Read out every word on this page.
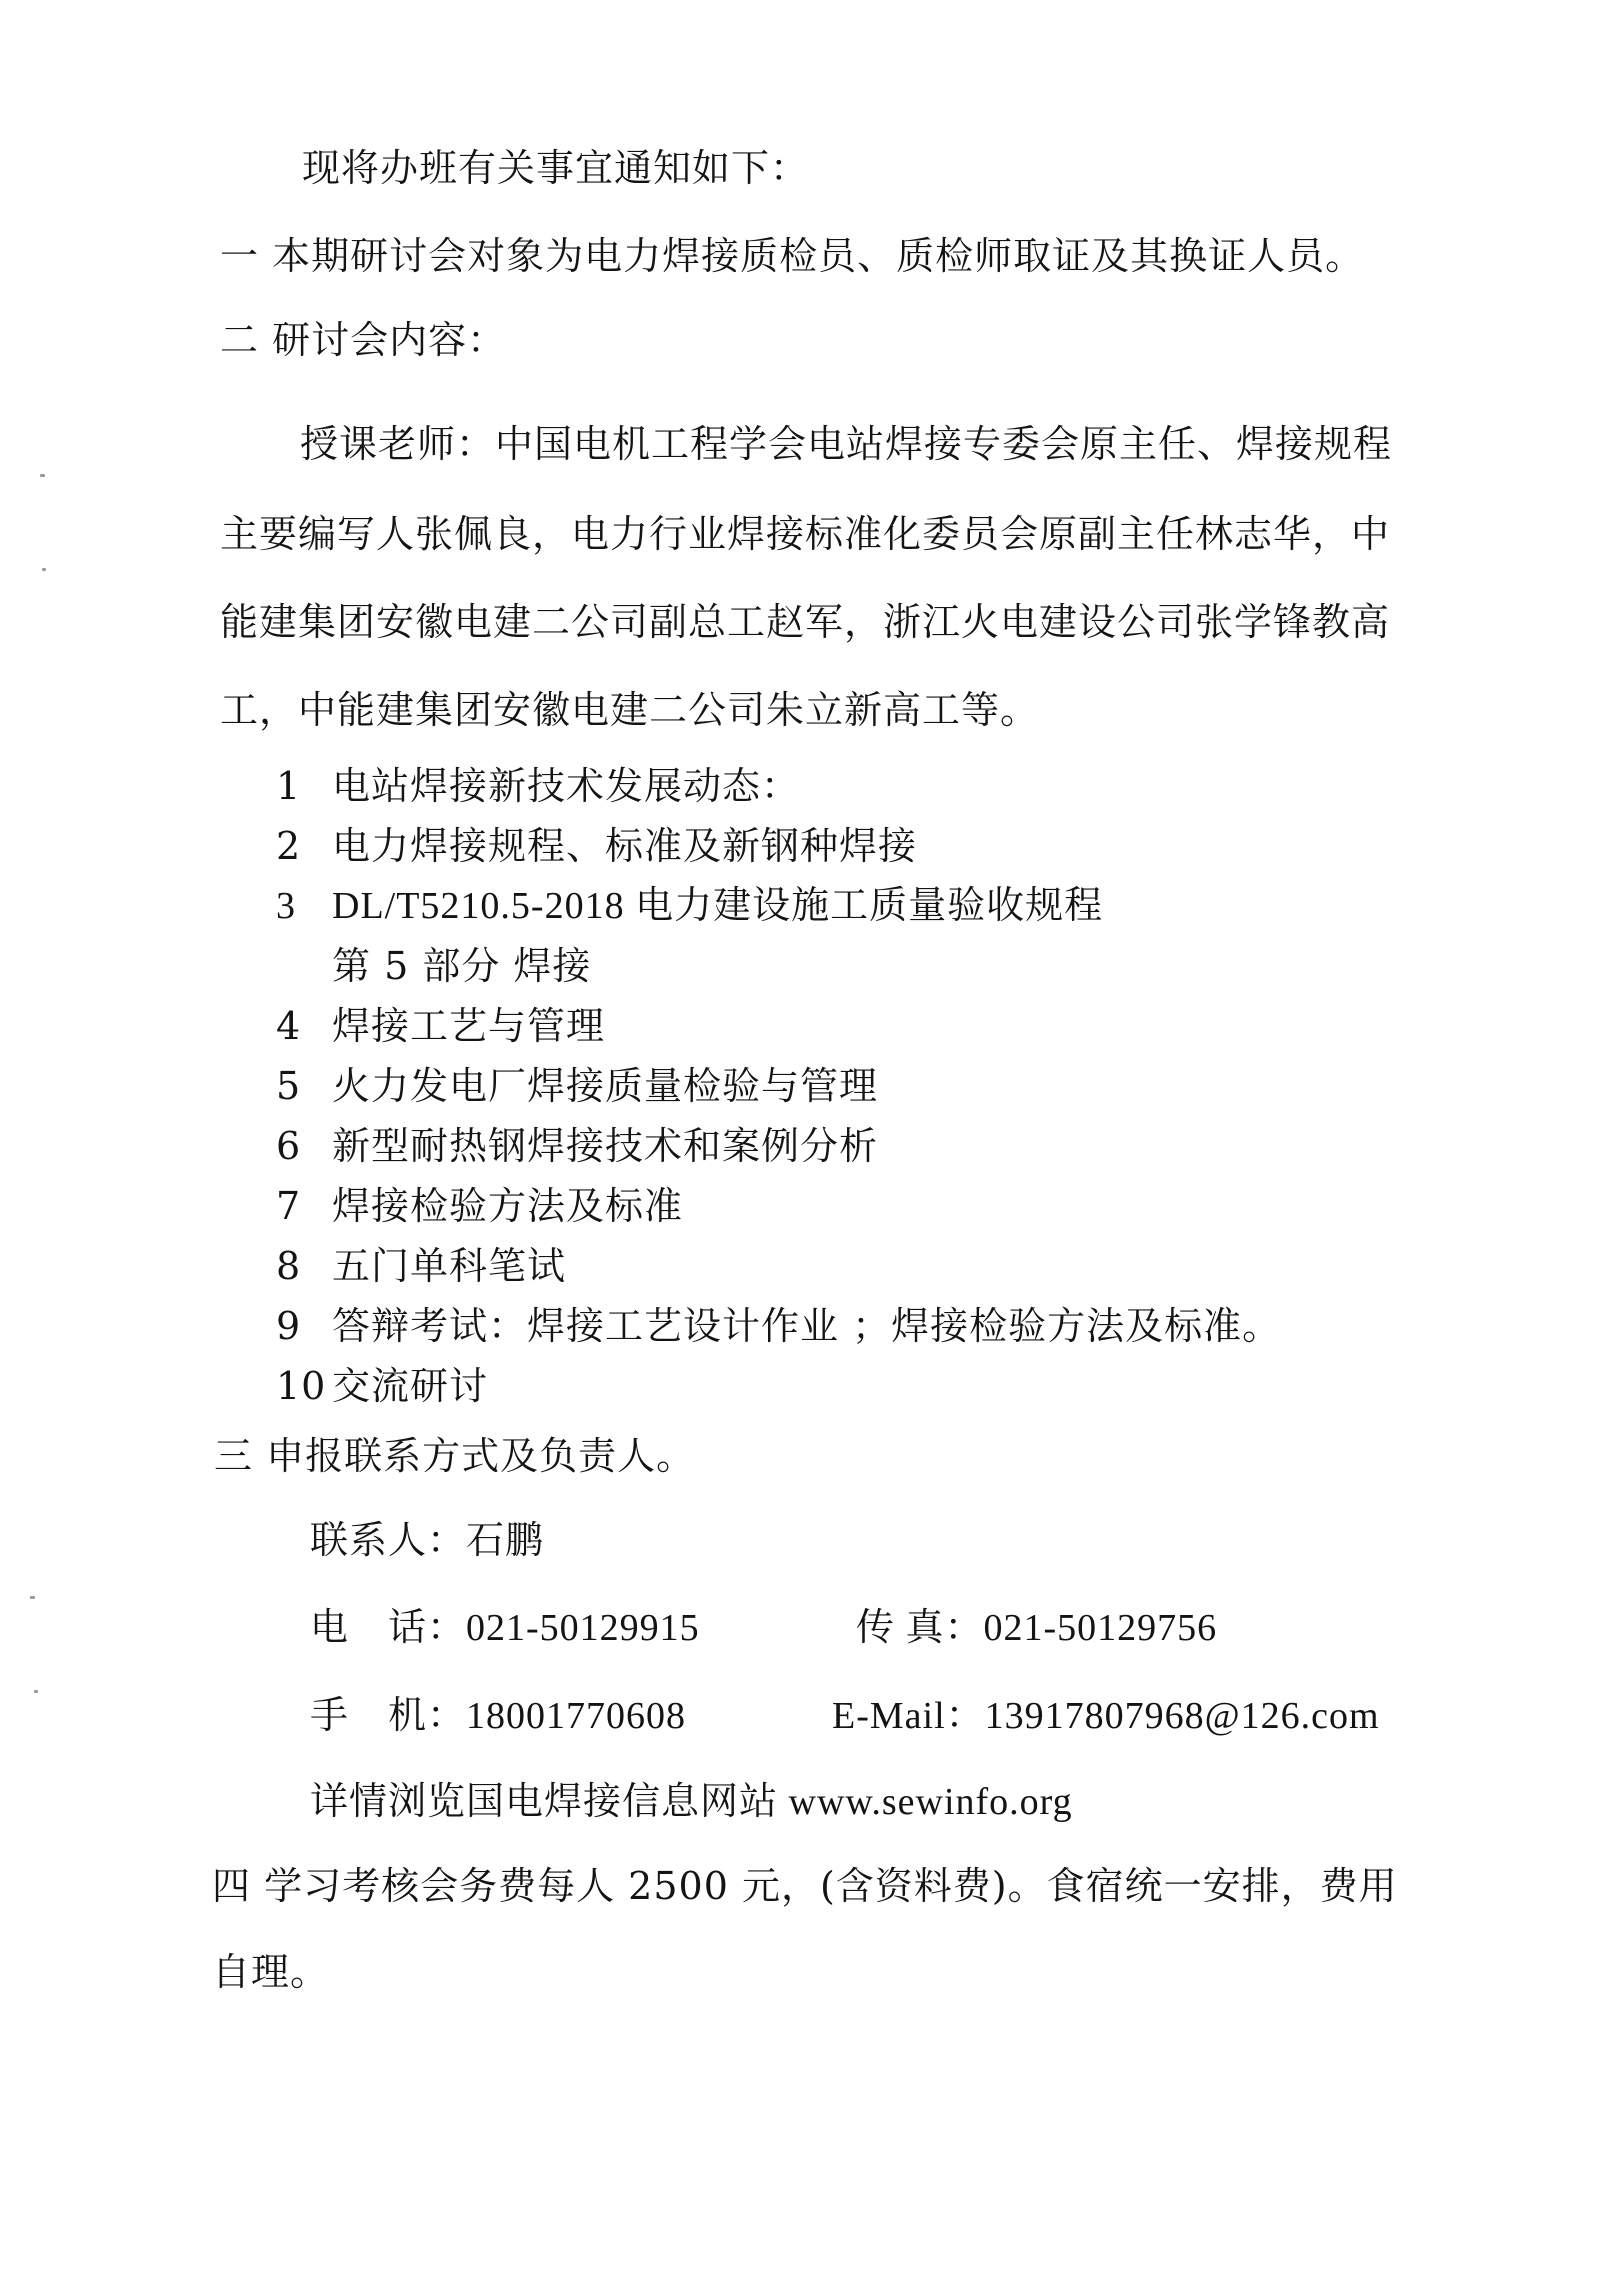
现将办班有关事宜通知如下：
一 本期研讨会对象为电力焊接质检员、质检师取证及其换证人员。
二 研讨会内容：
授课老师：中国电机工程学会电站焊接专委会原主任、焊接规程
主要编写人张佩良，电力行业焊接标准化委员会原副主任林志华，中
能建集团安徽电建二公司副总工赵军，浙江火电建设公司张学锋教高
工，中能建集团安徽电建二公司朱立新高工等。
1 电站焊接新技术发展动态：
2 电力焊接规程、标准及新钢种焊接
3 DL/T5210.5-2018 电力建设施工质量验收规程
第 5 部分 焊接
4 焊接工艺与管理
5 火力发电厂焊接质量检验与管理
6 新型耐热钢焊接技术和案例分析
7 焊接检验方法及标准
8 五门单科笔试
9 答辩考试：焊接工艺设计作业 ；焊接检验方法及标准。
10 交流研讨
三 申报联系方式及负责人。
联系人：石鹏
电　话：021-50129915	传 真：021-50129756
手　机：18001770608	E-Mail：13917807968@126.com
详情浏览国电焊接信息网站 www.sewinfo.org
四 学习考核会务费每人 2500 元，(含资料费)。食宿统一安排，费用
自理。
